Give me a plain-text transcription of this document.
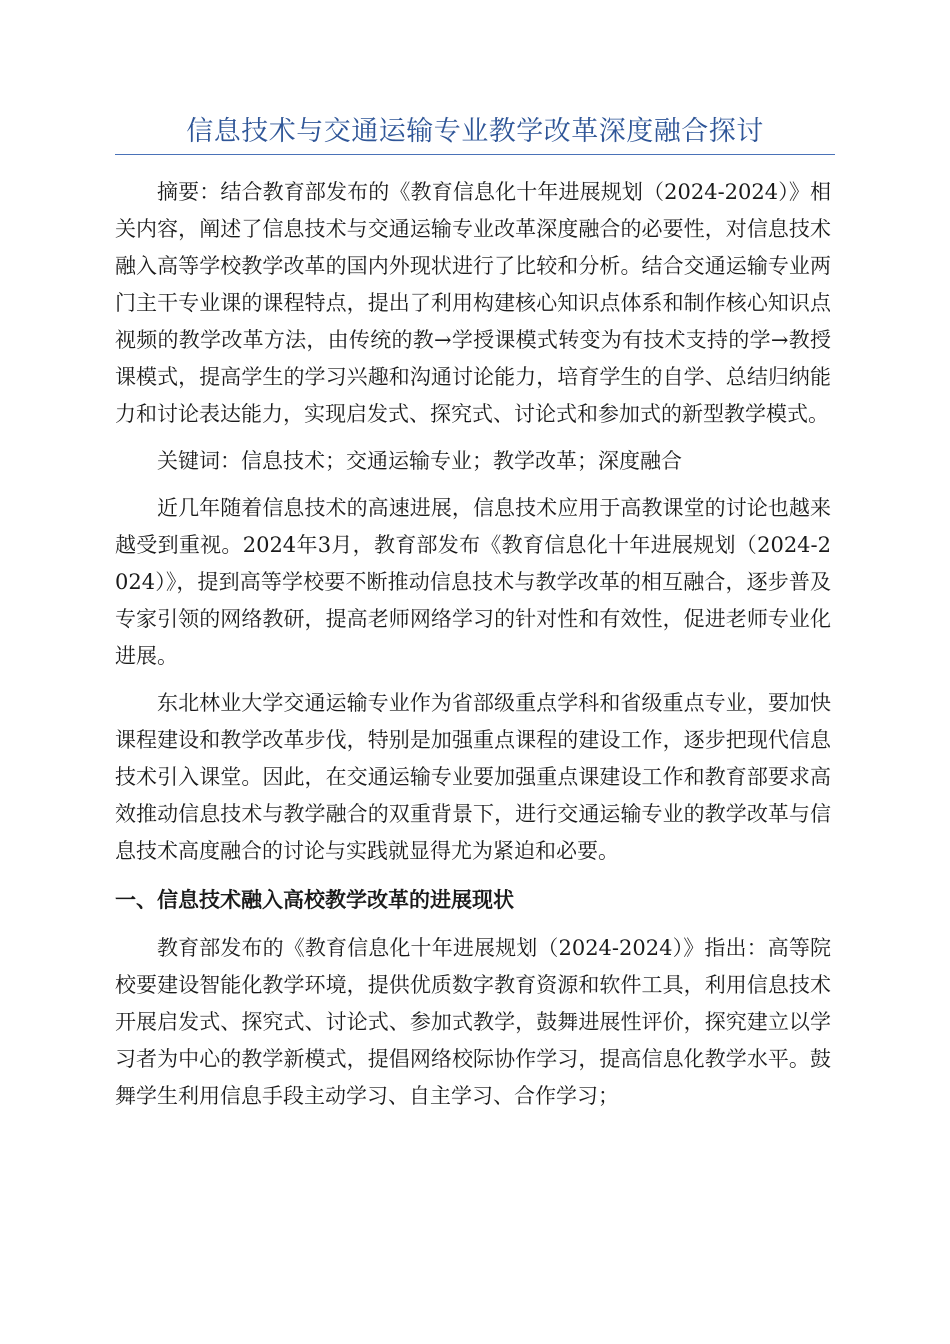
信息技术与交通运输专业教学改革深度融合探讨

摘要：结合教育部发布的《教育信息化十年进展规划（2024-2024）》相关内容，阐述了信息技术与交通运输专业改革深度融合的必要性，对信息技术融入高等学校教学改革的国内外现状进行了比较和分析。结合交通运输专业两门主干专业课的课程特点，提出了利用构建核心知识点体系和制作核心知识点视频的教学改革方法，由传统的教→学授课模式转变为有技术支持的学→教授课模式，提高学生的学习兴趣和沟通讨论能力，培育学生的自学、总结归纳能力和讨论表达能力，实现启发式、探究式、讨论式和参加式的新型教学模式。

关键词：信息技术；交通运输专业；教学改革；深度融合

近几年随着信息技术的高速进展，信息技术应用于高教课堂的讨论也越来越受到重视。2024年3月，教育部发布《教育信息化十年进展规划（2024-2024）》，提到高等学校要不断推动信息技术与教学改革的相互融合，逐步普及专家引领的网络教研，提高老师网络学习的针对性和有效性，促进老师专业化进展。

东北林业大学交通运输专业作为省部级重点学科和省级重点专业，要加快课程建设和教学改革步伐，特别是加强重点课程的建设工作，逐步把现代信息技术引入课堂。因此，在交通运输专业要加强重点课建设工作和教育部要求高效推动信息技术与教学融合的双重背景下，进行交通运输专业的教学改革与信息技术高度融合的讨论与实践就显得尤为紧迫和必要。

一、信息技术融入高校教学改革的进展现状

教育部发布的《教育信息化十年进展规划（2024-2024）》指出：高等院校要建设智能化教学环境，提供优质数字教育资源和软件工具，利用信息技术开展启发式、探究式、讨论式、参加式教学，鼓舞进展性评价，探究建立以学习者为中心的教学新模式，提倡网络校际协作学习，提高信息化教学水平。鼓舞学生利用信息手段主动学习、自主学习、合作学习；
